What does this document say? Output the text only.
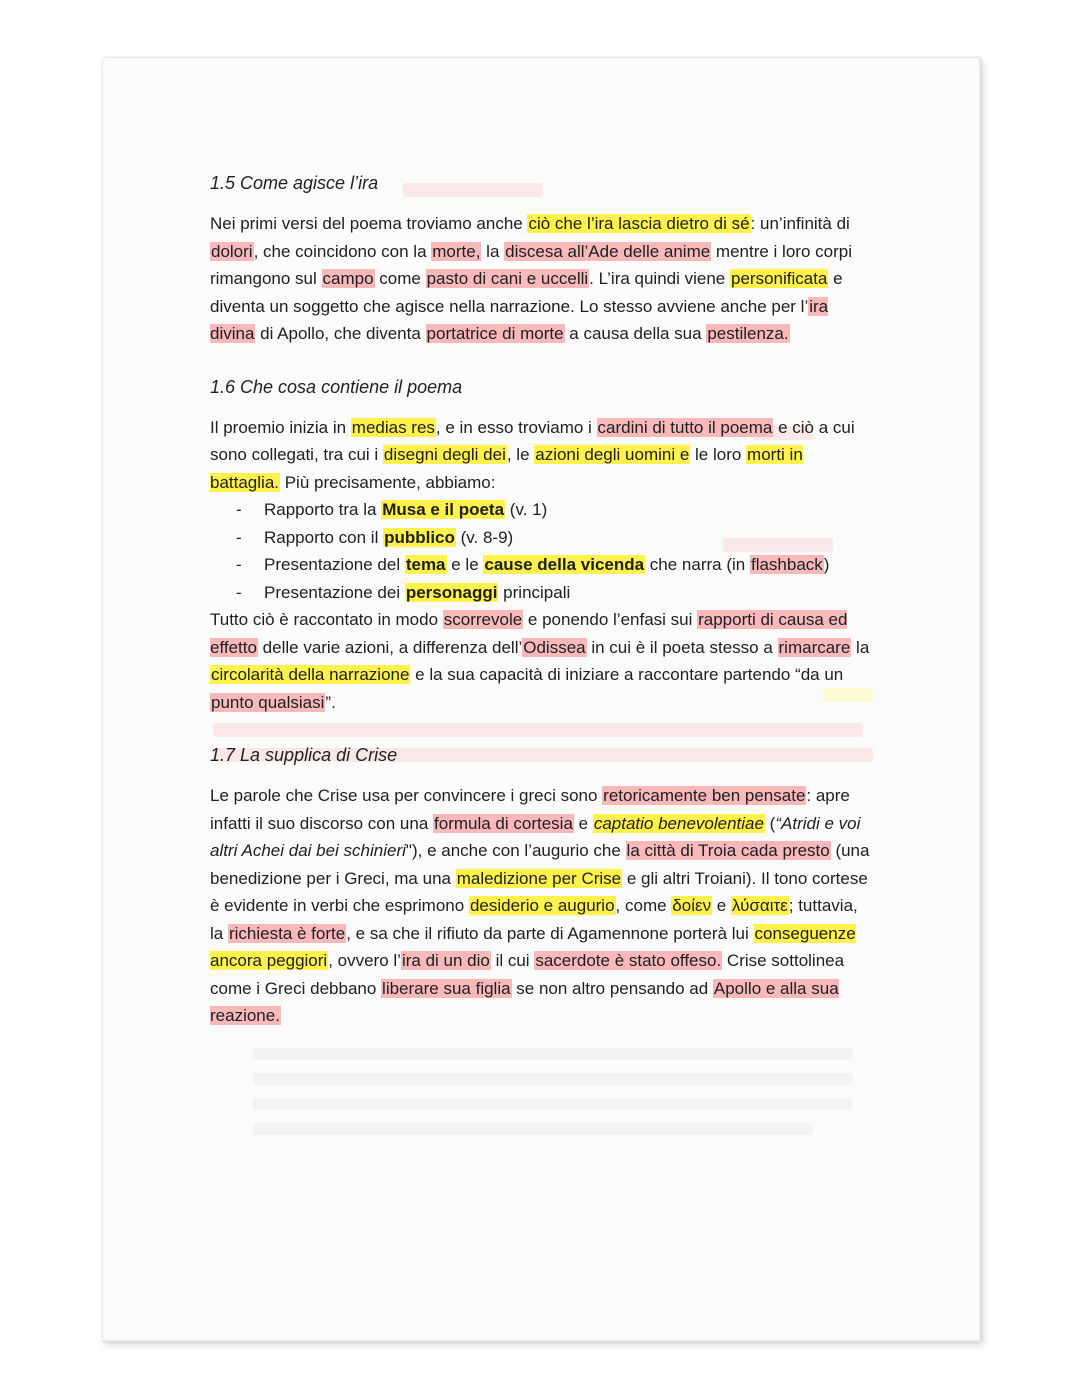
1.5 Come agisce l’ira

Nei primi versi del poema troviamo anche ciò che l’ira lascia dietro di sé: un’infinità di dolori, che coincidono con la morte, la discesa all’Ade delle anime mentre i loro corpi rimangono sul campo come pasto di cani e uccelli. L’ira quindi viene personificata e diventa un soggetto che agisce nella narrazione. Lo stesso avviene anche per l’ira divina di Apollo, che diventa portatrice di morte a causa della sua pestilenza.

1.6 Che cosa contiene il poema

Il proemio inizia in medias res, e in esso troviamo i cardini di tutto il poema e ciò a cui sono collegati, tra cui i disegni degli dei, le azioni degli uomini e le loro morti in battaglia. Più precisamente, abbiamo:

- Rapporto tra la Musa e il poeta (v. 1)
- Rapporto con il pubblico (v. 8-9)
- Presentazione del tema e le cause della vicenda che narra (in flashback)
- Presentazione dei personaggi principali

Tutto ciò è raccontato in modo scorrevole e ponendo l’enfasi sui rapporti di causa ed effetto delle varie azioni, a differenza dell’Odissea in cui è il poeta stesso a rimarcare la circolarità della narrazione e la sua capacità di iniziare a raccontare partendo “da un punto qualsiasi”.

1.7 La supplica di Crise

Le parole che Crise usa per convincere i greci sono retoricamente ben pensate: apre infatti il suo discorso con una formula di cortesia e captatio benevolentiae (“Atridi e voi altri Achei dai bei schinieri"), e anche con l’augurio che la città di Troia cada presto (una benedizione per i Greci, ma una maledizione per Crise e gli altri Troiani). Il tono cortese è evidente in verbi che esprimono desiderio e augurio, come δοίεν e λύσαιτε; tuttavia, la richiesta è forte, e sa che il rifiuto da parte di Agamennone porterà lui conseguenze ancora peggiori, ovvero l’ira di un dio il cui sacerdote è stato offeso. Crise sottolinea come i Greci debbano liberare sua figlia se non altro pensando ad Apollo e alla sua reazione.
